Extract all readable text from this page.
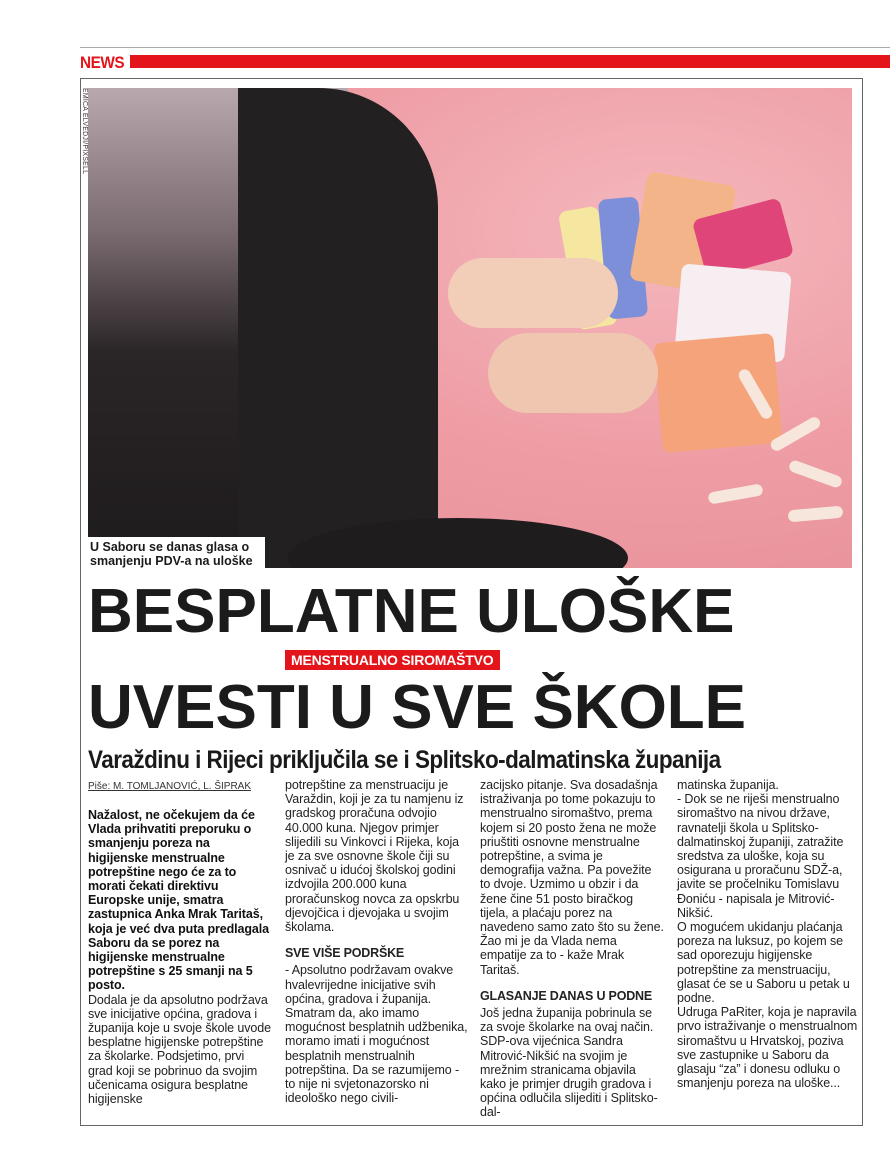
NEWS
EMICA ELVEDJI/PIXSELL
U Saboru se danas glasa o smanjenju PDV-a na uloške
BESPLATNE ULOŠKE
MENSTRUALNO SIROMAŠTVO
UVESTI U SVE ŠKOLE
Varaždinu i Rijeci priključila se i Splitsko-dalmatinska županija
Piše: M. TOMLJANOVIĆ, L. ŠIPRAK

Nažalost, ne očekujem da će Vlada prihvatiti preporuku o smanjenju poreza na higijenske menstrualne potrepštine nego će za to morati čekati direktivu Europske unije, smatra zastupnica Anka Mrak Taritaš, koja je već dva puta predlagala Saboru da se porez na higijenske menstrualne potrepštine s 25 smanji na 5 posto.

Dodala je da apsolutno podržava sve inicijative općina, gradova i županija koje u svoje škole uvode besplatne higijenske potrepštine za školarke. Podsjetimo, prvi grad koji se pobrinuo da svojim učenicama osigura besplatne higijenske

potrepštine za menstruaciju je Varaždin, koji je za tu namjenu iz gradskog proračuna odvojio 40.000 kuna. Njegov primjer slijedili su Vinkovci i Rijeka, koja je za sve osnovne škole čiji su osnivač u idućoj školskoj godini izdvojila 200.000 kuna proračunskog novca za opskrbu djevojčica i djevojaka u svojim školama.

SVE VIŠE PODRŠKE

- Apsolutno podržavam ovakve hvalevrijedne inicijative svih općina, gradova i županija. Smatram da, ako imamo mogućnost besplatnih udžbenika, moramo imati i mogućnost besplatnih menstrualnih potrepština. Da se razumijemo - to nije ni svjetonazorsko ni ideološko nego civili-

zacijsko pitanje. Sva dosadašnja istraživanja po tome pokazuju to menstrualno siromaštvo, prema kojem si 20 posto žena ne može priuštiti osnovne menstrualne potrepštine, a svima je demografija važna. Pa povežite to dvoje. Uzmimo u obzir i da žene čine 51 posto biračkog tijela, a plaćaju porez na navedeno samo zato što su žene. Žao mi je da Vlada nema empatije za to - kaže Mrak Taritaš.

GLASANJE DANAS U PODNE

Još jedna županija pobrinula se za svoje školarke na ovaj način. SDP-ova vijećnica Sandra Mitrović-Nikšić na svojim je mrežnim stranicama objavila kako je primjer drugih gradova i općina odlučila slijediti i Splitsko-dal-

matinska županija.

- Dok se ne riješi menstrualno siromaštvo na nivou države, ravnatelji škola u Splitsko-dalmatinskoj županiji, zatražite sredstva za uloške, koja su osigurana u proračunu SDŽ-a, javite se pročelniku Tomislavu Đoniću - napisala je Mitrović-Nikšić.

O mogućem ukidanju plaćanja poreza na luksuz, po kojem se sad oporezuju higijenske potrepštine za menstruaciju, glasat će se u Saboru u petak u podne.

Udruga PaRiter, koja je napravila prvo istraživanje o menstrualnom siromaštvu u Hrvatskoj, poziva sve zastupnike u Saboru da glasaju “za” i donesu odluku o smanjenju poreza na uloške...
